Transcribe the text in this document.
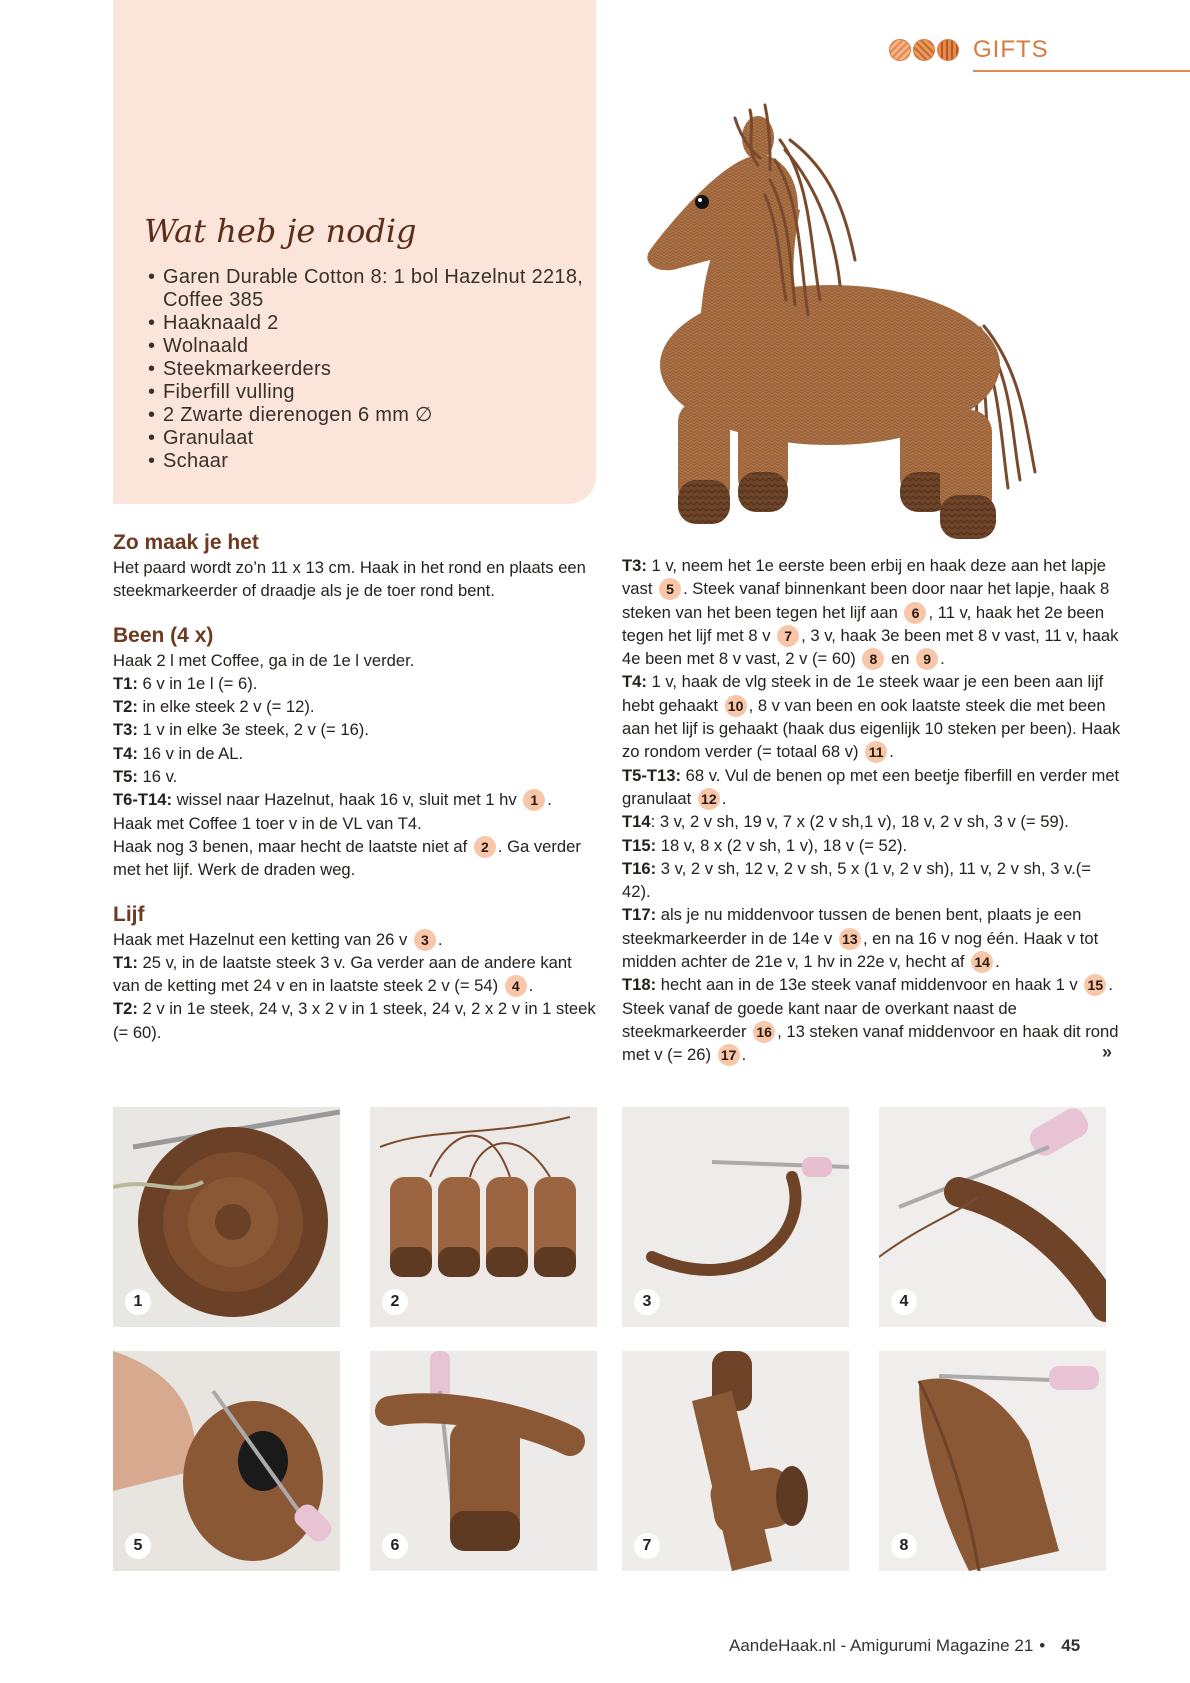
GIFTS
Wat heb je nodig
• Garen Durable Cotton 8: 1 bol Hazelnut 2218, Coffee 385
• Haaknaald 2
• Wolnaald
• Steekmarkeerders
• Fiberfill vulling
• 2 Zwarte dierenogen 6 mm ∅
• Granulaat
• Schaar
Zo maak je het

Het paard wordt zo’n 11 x 13 cm. Haak in het rond en plaats een steekmarkeerder of draadje als je de toer rond bent.

Been (4 x)

Haak 2 l met Coffee, ga in de 1e l verder.

T1: 6 v in 1e l (= 6).

T2: in elke steek 2 v (= 12).

T3: 1 v in elke 3e steek, 2 v (= 16).

T4: 16 v in de AL.

T5: 16 v.

T6-T14: wissel naar Hazelnut, haak 16 v, sluit met 1 hv 1 .

Haak met Coffee 1 toer v in de VL van T4.

Haak nog 3 benen, maar hecht de laatste niet af 2 . Ga verder met het lijf. Werk de draden weg.

Lijf

Haak met Hazelnut een ketting van 26 v 3 .

T1: 25 v, in de laatste steek 3 v. Ga verder aan de andere kant van de ketting met 24 v en in laatste steek 2 v (= 54) 4 .

T2: 2 v in 1e steek, 24 v, 3 x 2 v in 1 steek, 24 v, 2 x 2 v in 1 steek (= 60).

T3: 1 v, neem het 1e eerste been erbij en haak deze aan het lapje vast 5 . Steek vanaf binnenkant been door naar het lapje, haak 8 steken van het been tegen het lijf aan 6 , 11 v, haak het 2e been tegen het lijf met 8 v 7 , 3 v, haak 3e been met 8 v vast, 11 v, haak 4e been met 8 v vast, 2 v (= 60) 8 en 9 .

T4: 1 v, haak de vlg steek in de 1e steek waar je een been aan lijf hebt gehaakt 10 , 8 v van been en ook laatste steek die met been aan het lijf is gehaakt (haak dus eigenlijk 10 steken per been). Haak zo rondom verder (= totaal 68 v) 11 .

T5-T13: 68 v. Vul de benen op met een beetje fiberfill en verder met granulaat 12 .

T14: 3 v, 2 v sh, 19 v, 7 x (2 v sh,1 v), 18 v, 2 v sh, 3 v (= 59).

T15: 18 v, 8 x (2 v sh, 1 v), 18 v (= 52).

T16: 3 v, 2 v sh, 12 v, 2 v sh, 5 x (1 v, 2 v sh), 11 v, 2 v sh, 3 v.(= 42).

T17: als je nu middenvoor tussen de benen bent, plaats je een steekmarkeerder in de 14e v 13 , en na 16 v nog één. Haak v tot midden achter de 21e v, 1 hv in 22e v, hecht af 14 .

T18: hecht aan in de 13e steek vanaf middenvoor en haak 1 v 15 . Steek vanaf de goede kant naar de overkant naast de steekmarkeerder 16 , 13 steken vanaf middenvoor en haak dit rond met v (= 26) 17 .	»
1	2	3	4
5	6	7	8
AandeHaak.nl - Amigurumi Magazine 21 • 45
